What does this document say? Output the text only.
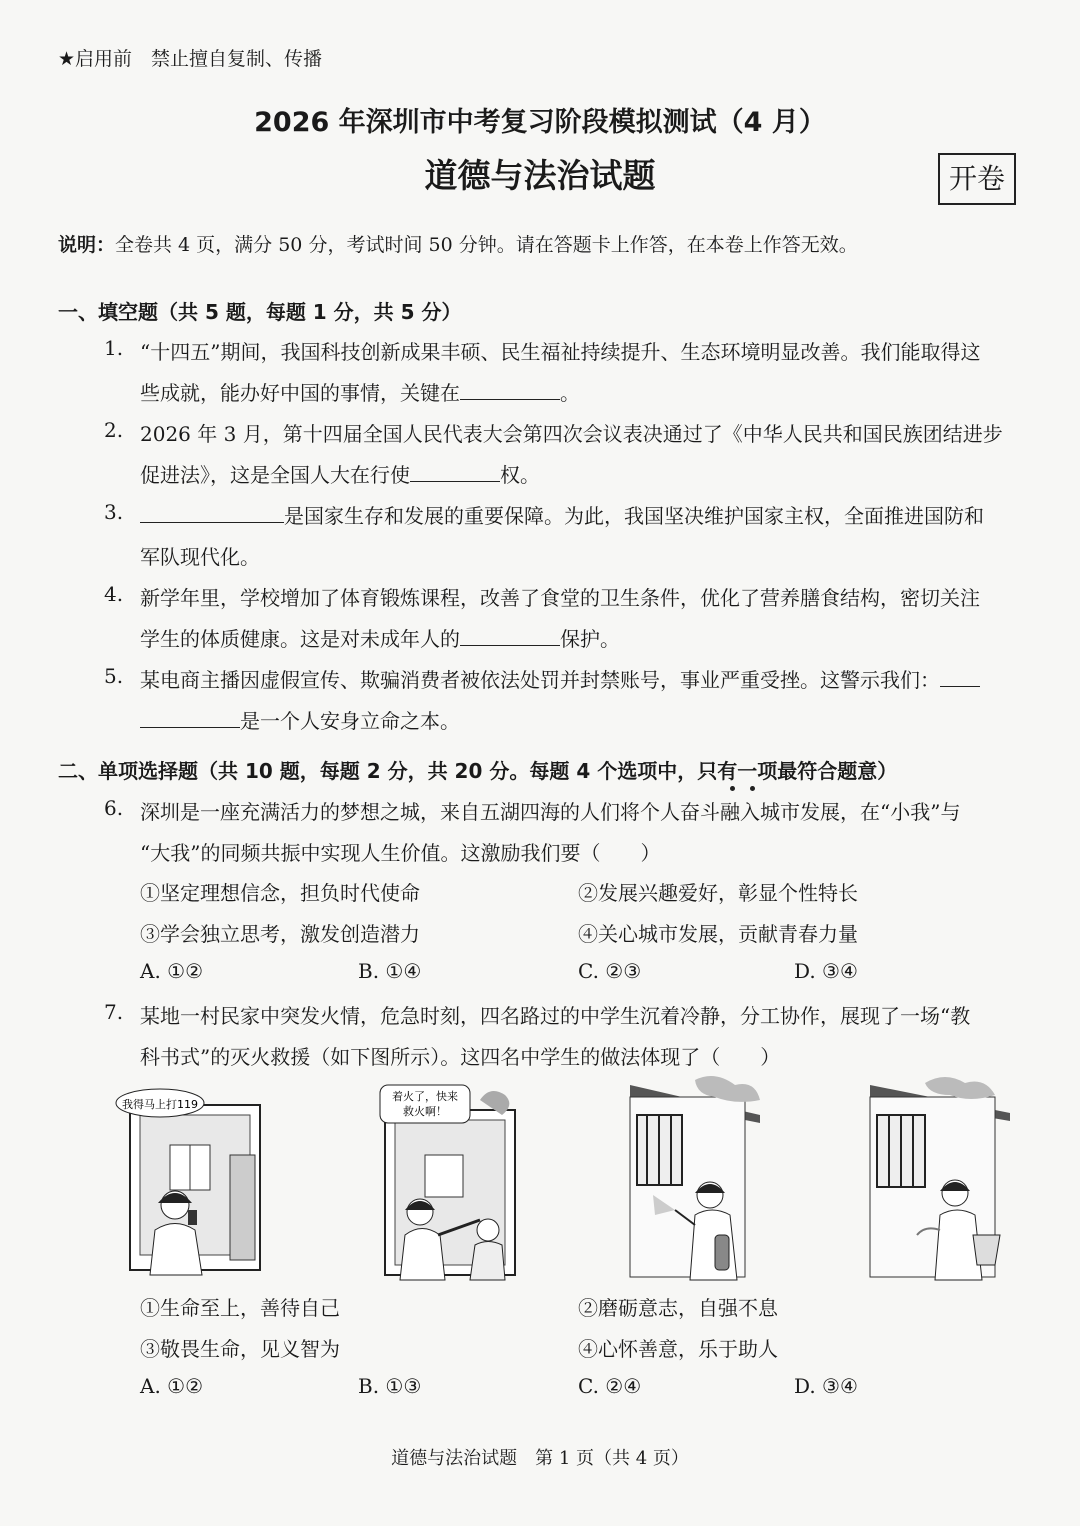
★启用前　禁止擅自复制、传播
2026 年深圳市中考复习阶段模拟测试（4 月）
道德与法治试题	开卷
说明：全卷共 4 页，满分 50 分，考试时间 50 分钟。请在答题卡上作答，在本卷上作答无效。
一、填空题（共 5 题，每题 1 分，共 5 分）
1. “十四五”期间，我国科技创新成果丰硕、民生福祉持续提升、生态环境明显改善。我们能取得这
些成就，能办好中国的事情，关键在	。
2. 2026 年 3 月，第十四届全国人民代表大会第四次会议表决通过了《中华人民共和国民族团结进步
促进法》，这是全国人大在行使	权。
3.	是国家生存和发展的重要保障。为此，我国坚决维护国家主权，全面推进国防和
军队现代化。
4. 新学年里，学校增加了体育锻炼课程，改善了食堂的卫生条件，优化了营养膳食结构，密切关注
学生的体质健康。这是对未成年人的	保护。
5. 某电商主播因虚假宣传、欺骗消费者被依法处罚并封禁账号，事业严重受挫。这警示我们：
是一个人安身立命之本。
二、单项选择题（共 10 题，每题 2 分，共 20 分。每题 4 个选项中，只有一项最符合题意）
6. 深圳是一座充满活力的梦想之城，来自五湖四海的人们将个人奋斗融入城市发展，在“小我”与
“大我”的同频共振中实现人生价值。这激励我们要（　　）
①坚定理想信念，担负时代使命	②发展兴趣爱好，彰显个性特长
③学会独立思考，激发创造潜力	④关心城市发展，贡献青春力量
A. ①②	B. ①④	C. ②③	D. ③④
7. 某地一村民家中突发火情，危急时刻，四名路过的中学生沉着冷静，分工协作，展现了一场“教
科书式”的灭火救援（如下图所示）。这四名中学生的做法体现了（　　）
我得马上打119
着火了，快来
救火啊！
①生命至上，善待自己	②磨砺意志，自强不息
③敬畏生命，见义智为	④心怀善意，乐于助人
A. ①②	B. ①③	C. ②④	D. ③④
道德与法治试题　第 1 页（共 4 页）
